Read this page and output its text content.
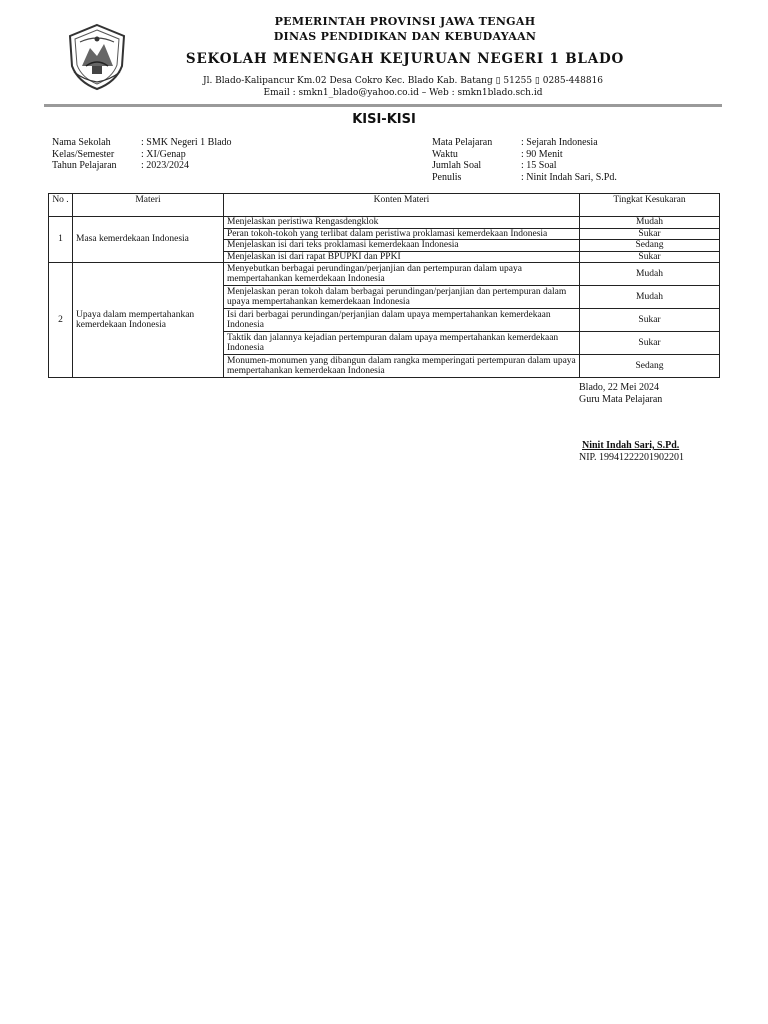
PEMERINTAH PROVINSI JAWA TENGAH
DINAS PENDIDIKAN DAN KEBUDAYAAN
SEKOLAH MENENGAH KEJURUAN NEGERI 1 BLADO
Jl. Blado-Kalipancur Km.02 Desa Cokro Kec. Blado Kab. Batang ▯ 51255 ▯ 0285-448816
Email : smkn1_blado@yahoo.co.id – Web : smkn1blado.sch.id
KISI-KISI
Nama Sekolah	: SMK Negeri 1 Blado
Kelas/Semester	: XI/Genap
Tahun Pelajaran	: 2023/2024
Mata Pelajaran	: Sejarah Indonesia
Waktu	: 90 Menit
Jumlah Soal	: 15 Soal
Penulis	: Ninit Indah Sari, S.Pd.
No .	Materi	Konten Materi	Tingkat Kesukaran
1	Masa kemerdekaan Indonesia	Menjelaskan peristiwa Rengasdengklok	Mudah
		Peran tokoh-tokoh yang terlibat dalam peristiwa proklamasi kemerdekaan Indonesia	Sukar
		Menjelaskan isi dari teks proklamasi kemerdekaan Indonesia	Sedang
		Menjelaskan isi dari rapat BPUPKI dan PPKI	Sukar
2	Upaya dalam mempertahankan kemerdekaan Indonesia	Menyebutkan berbagai perundingan/perjanjian dan pertempuran dalam upaya mempertahankan kemerdekaan Indonesia	Mudah
		Menjelaskan peran tokoh dalam berbagai perundingan/perjanjian dan pertempuran dalam upaya mempertahankan kemerdekaan Indonesia	Mudah
		Isi dari berbagai perundingan/perjanjian dalam upaya mempertahankan kemerdekaan Indonesia	Sukar
		Taktik dan jalannya kejadian pertempuran dalam upaya mempertahankan kemerdekaan Indonesia	Sukar
		Monumen-monumen yang dibangun dalam rangka memperingati pertempuran dalam upaya mempertahankan kemerdekaan Indonesia	Sedang
Blado, 22 Mei 2024
Guru Mata Pelajaran
Ninit Indah Sari, S.Pd.
NIP. 19941222201902201
